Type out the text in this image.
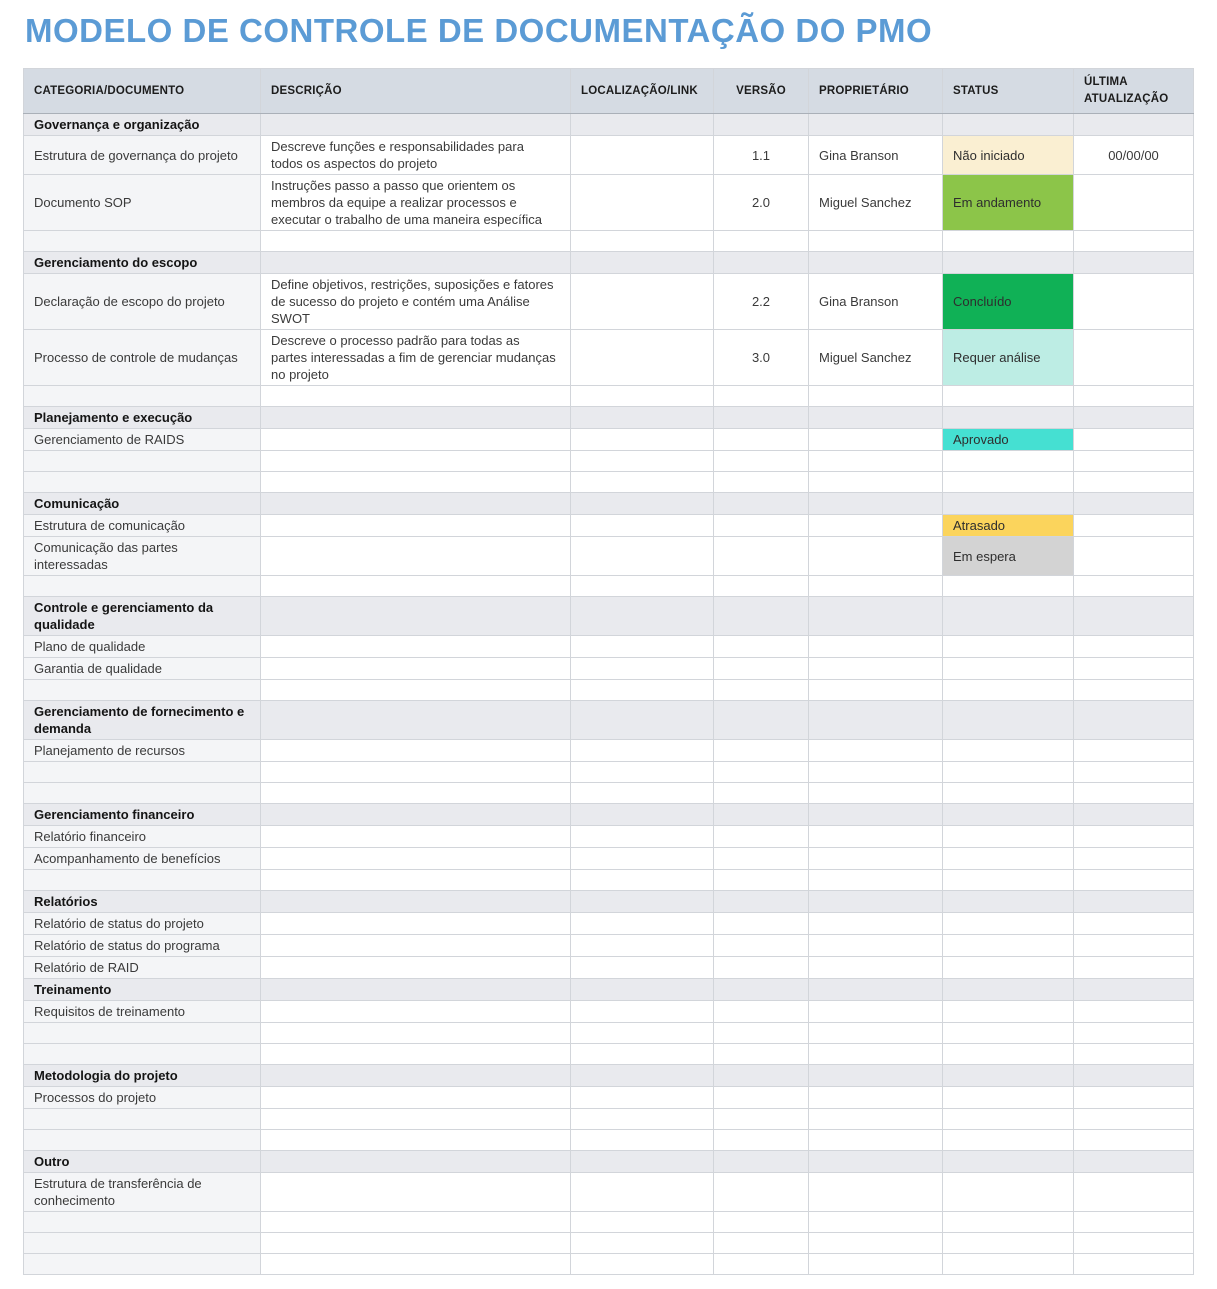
MODELO DE CONTROLE DE DOCUMENTAÇÃO DO PMO
CATEGORIA/DOCUMENTO	DESCRIÇÃO	LOCALIZAÇÃO/LINK	VERSÃO	PROPRIETÁRIO	STATUS	ÚLTIMA ATUALIZAÇÃO
Governança e organização						
Estrutura de governança do projeto	Descreve funções e responsabilidades para todos os aspectos do projeto		1.1	Gina Branson	Não iniciado	00/00/00
Documento SOP	Instruções passo a passo que orientem os membros da equipe a realizar processos e executar o trabalho de uma maneira específica		2.0	Miguel Sanchez	Em andamento	

Gerenciamento do escopo						
Declaração de escopo do projeto	Define objetivos, restrições, suposições e fatores de sucesso do projeto e contém uma Análise SWOT		2.2	Gina Branson	Concluído	
Processo de controle de mudanças	Descreve o processo padrão para todas as partes interessadas a fim de gerenciar mudanças no projeto		3.0	Miguel Sanchez	Requer análise	

Planejamento e execução						
Gerenciamento de RAIDS					Aprovado	

Comunicação						
Estrutura de comunicação					Atrasado	
Comunicação das partes interessadas					Em espera	

Controle e gerenciamento da qualidade						
Plano de qualidade						
Garantia de qualidade						

Gerenciamento de fornecimento e demanda						
Planejamento de recursos						

Gerenciamento financeiro						
Relatório financeiro						
Acompanhamento de benefícios						

Relatórios						
Relatório de status do projeto						
Relatório de status do programa						
Relatório de RAID						
Treinamento						
Requisitos de treinamento						

Metodologia do projeto						
Processos do projeto						

Outro						
Estrutura de transferência de conhecimento						
